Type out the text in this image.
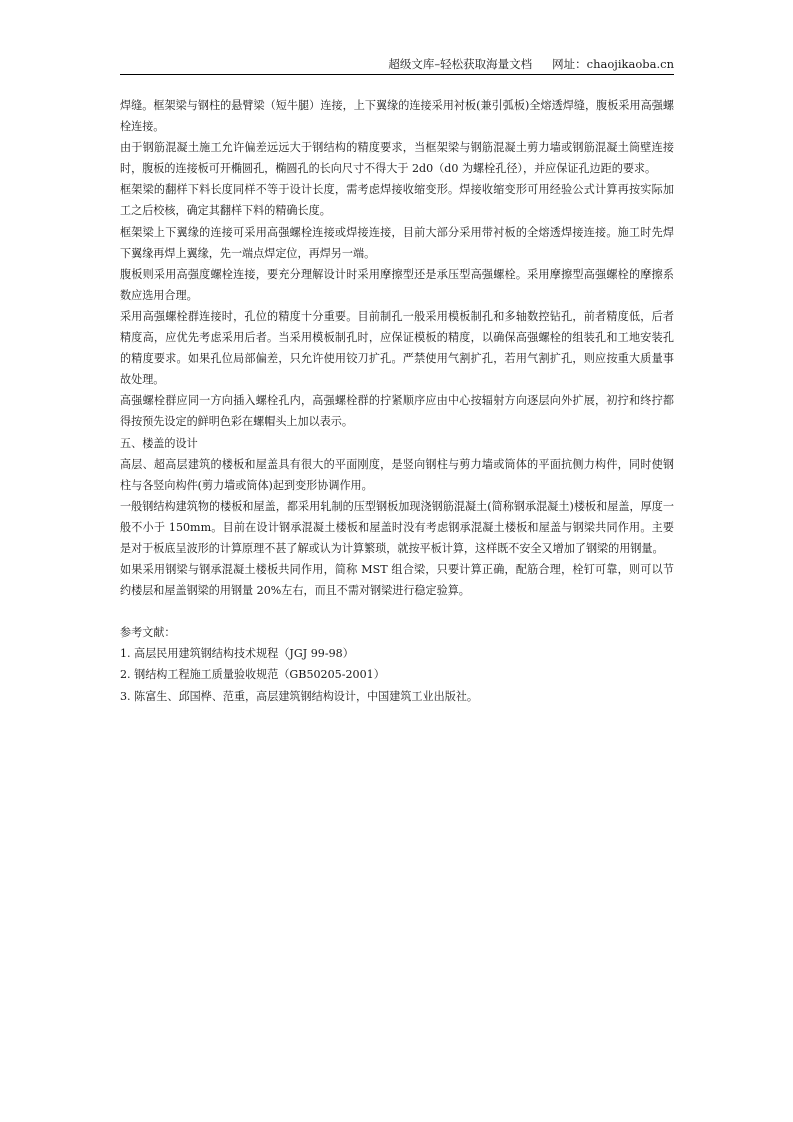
超级文库–轻松获取海量文档 网址：chaojikaoba.cn

焊缝。框架梁与钢柱的悬臂梁（短牛腿）连接，上下翼缘的连接采用衬板(兼引弧板)全熔透焊缝，腹板采用高强螺栓连接。

由于钢筋混凝土施工允许偏差远远大于钢结构的精度要求，当框架梁与钢筋混凝土剪力墙或钢筋混凝土筒壁连接时，腹板的连接板可开椭圆孔，椭圆孔的长向尺寸不得大于 2d0（d0 为螺栓孔径），并应保证孔边距的要求。

框架梁的翻样下料长度同样不等于设计长度，需考虑焊接收缩变形。焊接收缩变形可用经验公式计算再按实际加工之后校核，确定其翻样下料的精确长度。

框架梁上下翼缘的连接可采用高强螺栓连接或焊接连接，目前大部分采用带衬板的全熔透焊接连接。施工时先焊下翼缘再焊上翼缘，先一端点焊定位，再焊另一端。

腹板则采用高强度螺栓连接，要充分理解设计时采用摩擦型还是承压型高强螺栓。采用摩擦型高强螺栓的摩擦系数应选用合理。

采用高强螺栓群连接时，孔位的精度十分重要。目前制孔一般采用模板制孔和多轴数控钻孔，前者精度低，后者精度高，应优先考虑采用后者。当采用模板制孔时，应保证模板的精度，以确保高强螺栓的组装孔和工地安装孔的精度要求。如果孔位局部偏差，只允许使用铰刀扩孔。严禁使用气割扩孔，若用气割扩孔，则应按重大质量事故处理。

高强螺栓群应同一方向插入螺栓孔内，高强螺栓群的拧紧顺序应由中心按辐射方向逐层向外扩展，初拧和终拧都得按预先设定的鲜明色彩在螺帽头上加以表示。

五、楼盖的设计

高层、超高层建筑的楼板和屋盖具有很大的平面刚度，是竖向钢柱与剪力墙或筒体的平面抗侧力构件，同时使钢柱与各竖向构件(剪力墙或筒体)起到变形协调作用。

一般钢结构建筑物的楼板和屋盖，都采用轧制的压型钢板加现浇钢筋混凝土(简称钢承混凝土)楼板和屋盖，厚度一般不小于 150mm。目前在设计钢承混凝土楼板和屋盖时没有考虑钢承混凝土楼板和屋盖与钢梁共同作用。主要是对于板底呈波形的计算原理不甚了解或认为计算繁琐，就按平板计算，这样既不安全又增加了钢梁的用钢量。

如果采用钢梁与钢承混凝土楼板共同作用，简称 MST 组合梁，只要计算正确，配筋合理，栓钉可靠，则可以节约楼层和屋盖钢梁的用钢量 20%左右，而且不需对钢梁进行稳定验算。

参考文献：

1. 高层民用建筑钢结构技术规程（JGJ 99-98）

2. 钢结构工程施工质量验收规范（GB50205-2001）

3. 陈富生、邱国桦、范重，高层建筑钢结构设计，中国建筑工业出版社。
